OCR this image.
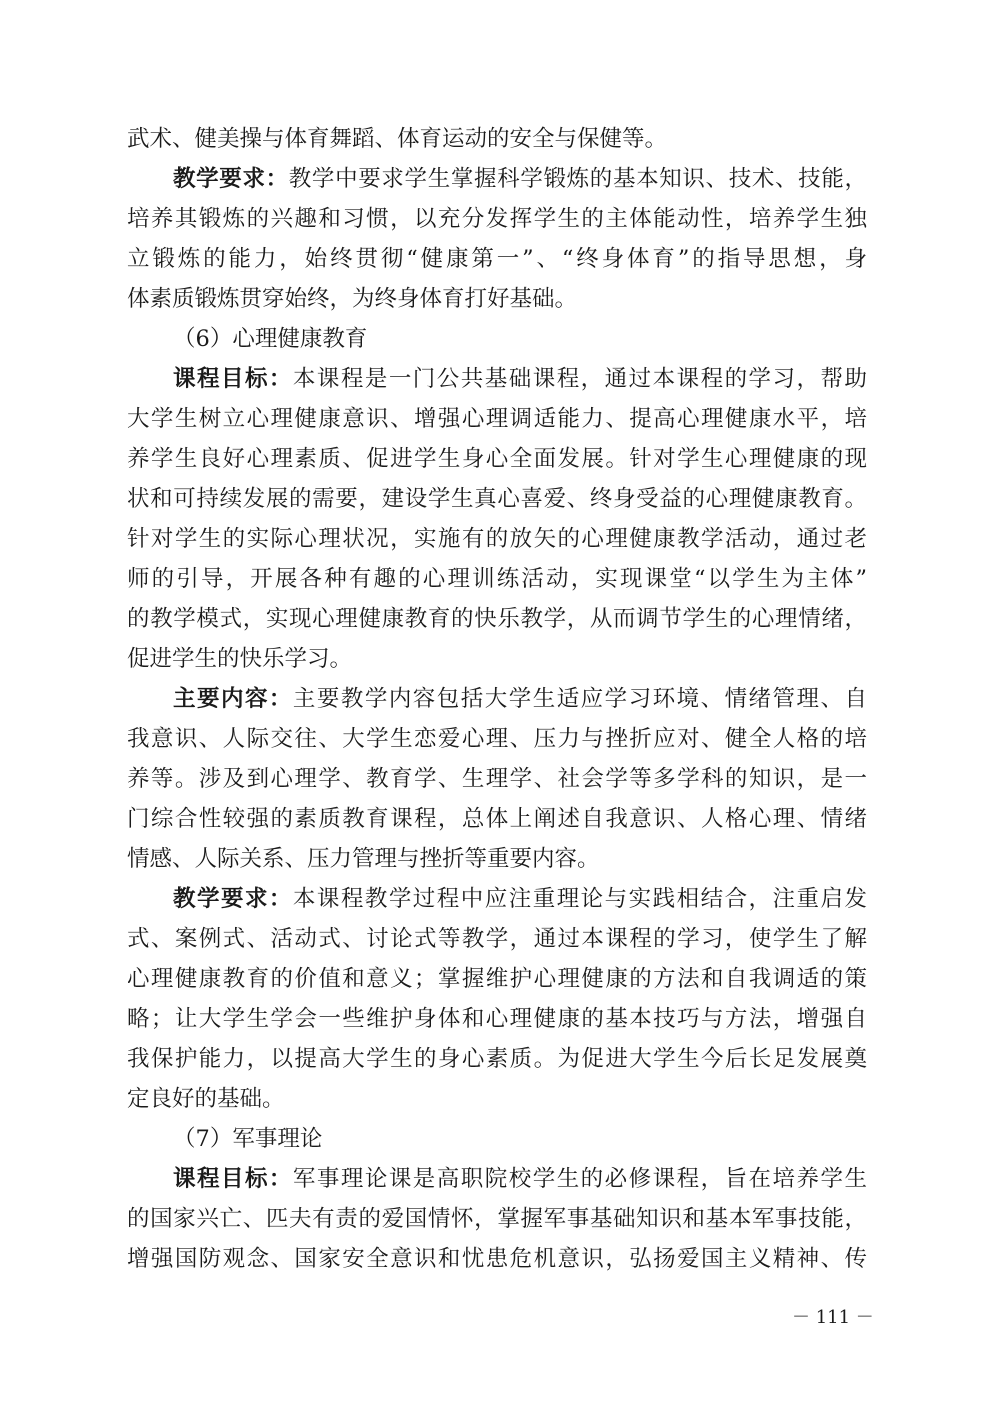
武术、健美操与体育舞蹈、体育运动的安全与保健等。
教学要求：教学中要求学生掌握科学锻炼的基本知识、技术、技能，
培养其锻炼的兴趣和习惯，以充分发挥学生的主体能动性，培养学生独
立锻炼的能力，始终贯彻“健康第一”、“终身体育”的指导思想，身
体素质锻炼贯穿始终，为终身体育打好基础。
（6）心理健康教育
课程目标：本课程是一门公共基础课程，通过本课程的学习，帮助
大学生树立心理健康意识、增强心理调适能力、提高心理健康水平，培
养学生良好心理素质、促进学生身心全面发展。针对学生心理健康的现
状和可持续发展的需要，建设学生真心喜爱、终身受益的心理健康教育。
针对学生的实际心理状况，实施有的放矢的心理健康教学活动，通过老
师的引导，开展各种有趣的心理训练活动，实现课堂“以学生为主体”
的教学模式，实现心理健康教育的快乐教学，从而调节学生的心理情绪，
促进学生的快乐学习。
主要内容：主要教学内容包括大学生适应学习环境、情绪管理、自
我意识、人际交往、大学生恋爱心理、压力与挫折应对、健全人格的培
养等。涉及到心理学、教育学、生理学、社会学等多学科的知识，是一
门综合性较强的素质教育课程，总体上阐述自我意识、人格心理、情绪
情感、人际关系、压力管理与挫折等重要内容。
教学要求：本课程教学过程中应注重理论与实践相结合，注重启发
式、案例式、活动式、讨论式等教学，通过本课程的学习，使学生了解
心理健康教育的价值和意义；掌握维护心理健康的方法和自我调适的策
略；让大学生学会一些维护身体和心理健康的基本技巧与方法，增强自
我保护能力，以提高大学生的身心素质。为促进大学生今后长足发展奠
定良好的基础。
（7）军事理论
课程目标：军事理论课是高职院校学生的必修课程，旨在培养学生
的国家兴亡、匹夫有责的爱国情怀，掌握军事基础知识和基本军事技能，
增强国防观念、国家安全意识和忧患危机意识，弘扬爱国主义精神、传
－ 111 －
